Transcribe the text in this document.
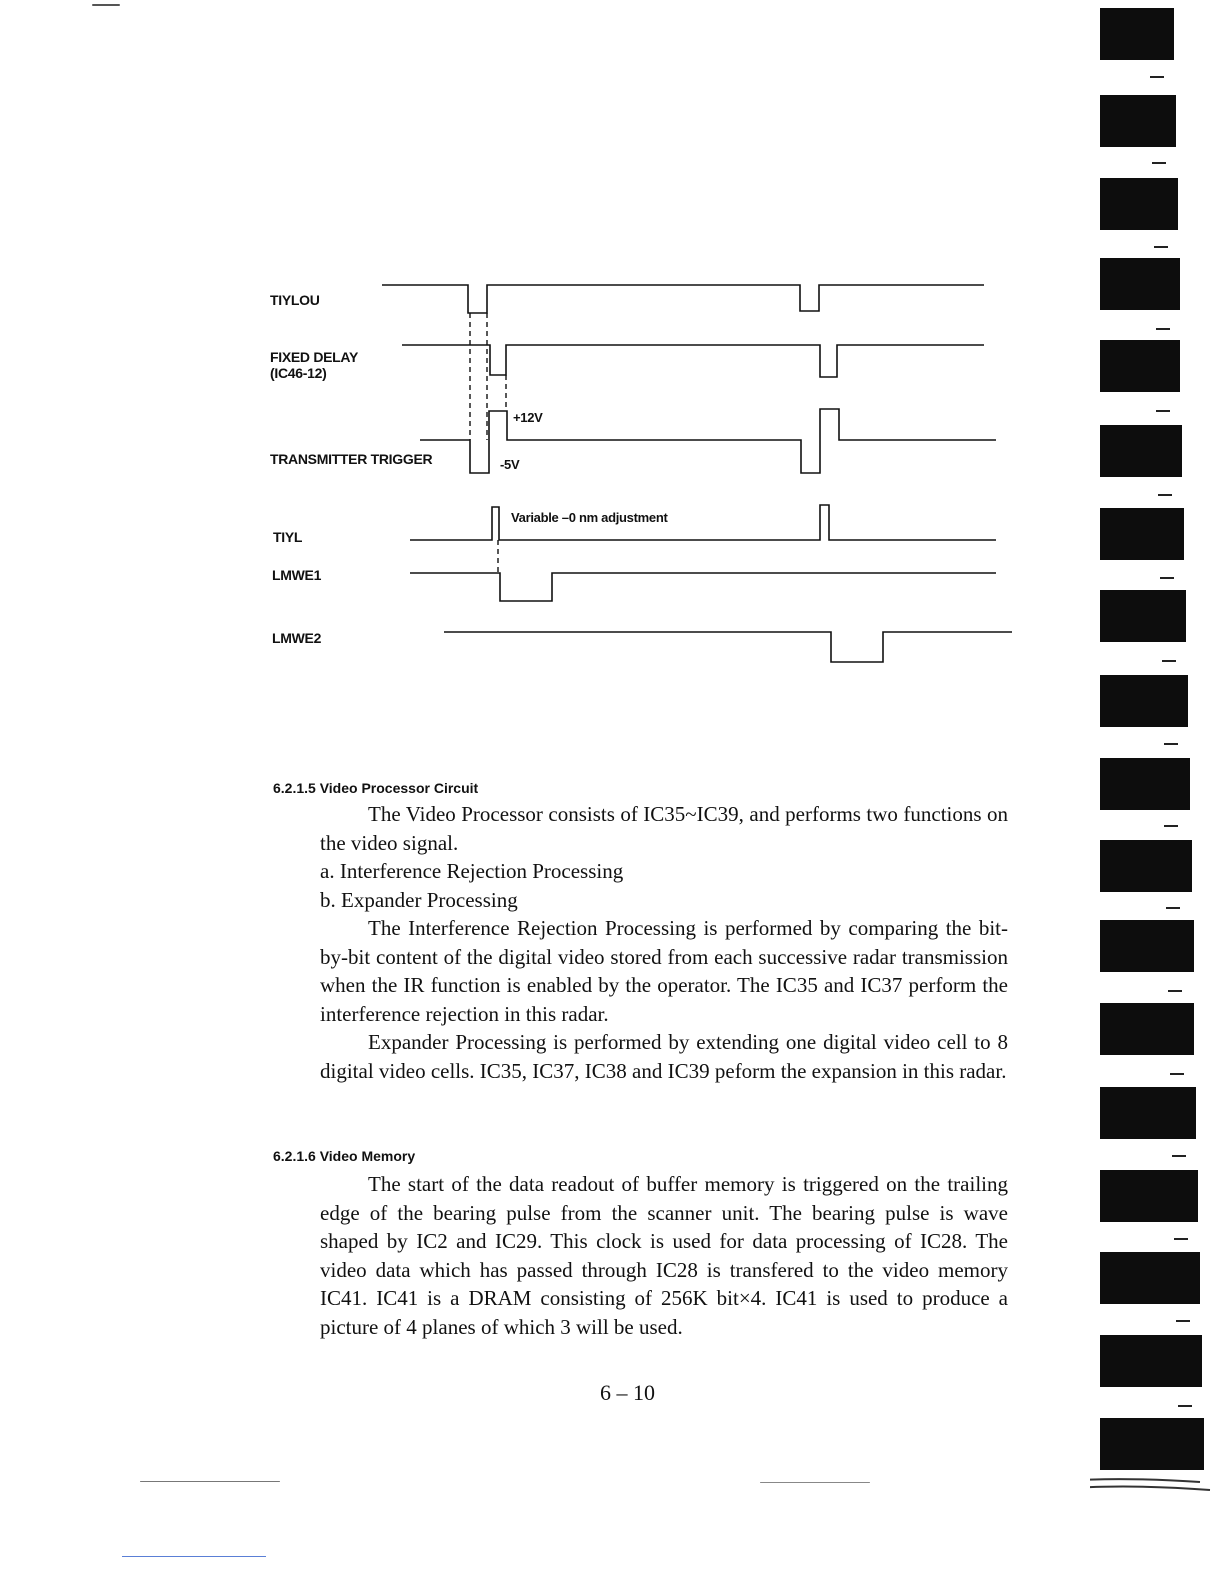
TIYLOU
FIXED DELAY
(IC46-12)
TRANSMITTER TRIGGER
TIYL
LMWE1
LMWE2
+12V
-5V
Variable –0 nm adjustment
6.2.1.5 Video Processor Circuit

The Video Processor consists of IC35~IC39, and performs two functions on the video signal.

a. Interference Rejection Processing

b. Expander Processing

The Interference Rejection Processing is performed by comparing the bit-by-bit content of the digital video stored from each successive radar transmission when the IR function is enabled by the operator. The IC35 and IC37 perform the interference rejection in this radar.

Expander Processing is performed by extending one digital video cell to 8 digital video cells. IC35, IC37, IC38 and IC39 peform the expansion in this radar.

6.2.1.6 Video Memory

The start of the data readout of buffer memory is triggered on the trailing edge of the bearing pulse from the scanner unit. The bearing pulse is wave shaped by IC2 and IC29. This clock is used for data processing of IC28. The video data which has passed through IC28 is transfered to the video memory IC41. IC41 is a DRAM consisting of 256K bit×4. IC41 is used to produce a picture of 4 planes of which 3 will be used.

6 – 10
